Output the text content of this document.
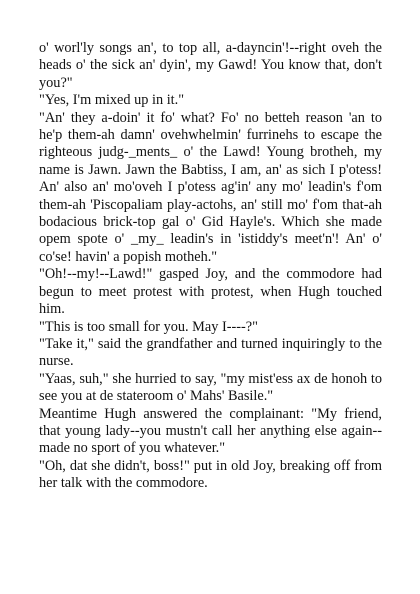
o' worl'ly songs an', to top all, a-dayncin'!--right oveh the heads o' the sick an' dyin', my Gawd! You know that, don't you?"

"Yes, I'm mixed up in it."

"An' they a-doin' it fo' what? Fo' no betteh reason 'an to he'p them-ah damn' ovehwhelmin' furrinehs to escape the righteous judg-_ments_ o' the Lawd! Young brotheh, my name is Jawn. Jawn the Babtiss, I am, an' as sich I p'otess! An' also an' mo'oveh I p'otess ag'in' any mo' leadin's f'om them-ah 'Piscopaliam play-actohs, an' still mo' f'om that-ah bodacious brick-top gal o' Gid Hayle's. Which she made opem spote o' _my_ leadin's in 'istiddy's meet'n'! An' o' co'se! havin' a popish motheh."

"Oh!--my!--Lawd!" gasped Joy, and the commodore had begun to meet protest with protest, when Hugh touched him.

"This is too small for you. May I----?"

"Take it," said the grandfather and turned inquiringly to the nurse.

"Yaas, suh," she hurried to say, "my mist'ess ax de honoh to see you at de stateroom o' Mahs' Basile."

Meantime Hugh answered the complainant: "My friend, that young lady--you mustn't call her anything else again--made no sport of you whatever."

"Oh, dat she didn't, boss!" put in old Joy, breaking off from her talk with the commodore.
